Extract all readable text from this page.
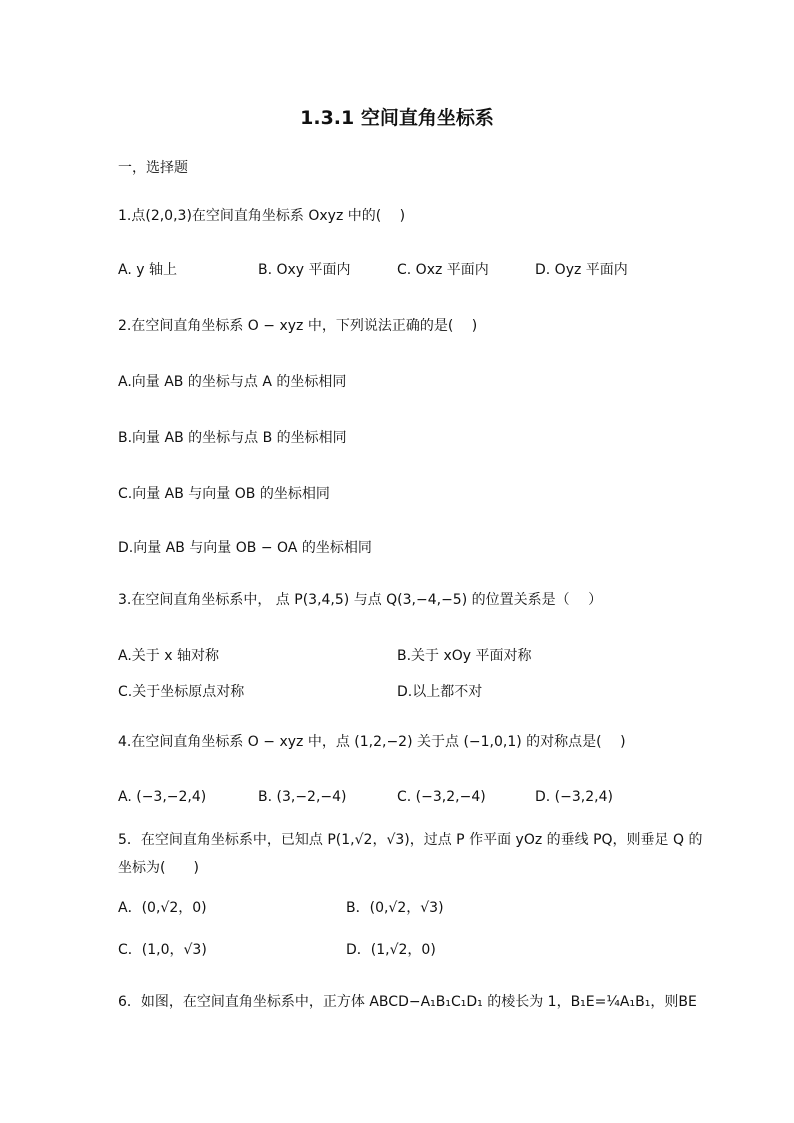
1.3.1 空间直角坐标系
一，选择题
1.点(2,0,3)在空间直角坐标系 Oxyz 中的(　 )
A. y 轴上	B. Oxy 平面内	C. Oxz 平面内	D. Oyz 平面内
2.在空间直角坐标系 O − xyz 中，下列说法正确的是(　 )
A.向量 AB 的坐标与点 A 的坐标相同
B.向量 AB 的坐标与点 B 的坐标相同
C.向量 AB 与向量 OB 的坐标相同
D.向量 AB 与向量 OB − OA 的坐标相同
3.在空间直角坐标系中， 点 P(3,4,5) 与点 Q(3,−4,−5) 的位置关系是（　 ）
A.关于 x 轴对称	B.关于 xOy 平面对称
C.关于坐标原点对称	D.以上都不对
4.在空间直角坐标系 O − xyz 中，点 (1,2,−2) 关于点 (−1,0,1) 的对称点是(　 )
A. (−3,−2,4)	B. (3,−2,−4)	C. (−3,2,−4)	D. (−3,2,4)
5．在空间直角坐标系中，已知点 P(1,√2，√3)，过点 P 作平面 yOz 的垂线 PQ，则垂足 Q 的
坐标为(　　)
A．(0,√2，0)	B．(0,√2，√3)
C．(1,0，√3)	D．(1,√2，0)
6．如图，在空间直角坐标系中，正方体 ABCD−A₁B₁C₁D₁ 的棱长为 1，B₁E=¼A₁B₁，则BE
